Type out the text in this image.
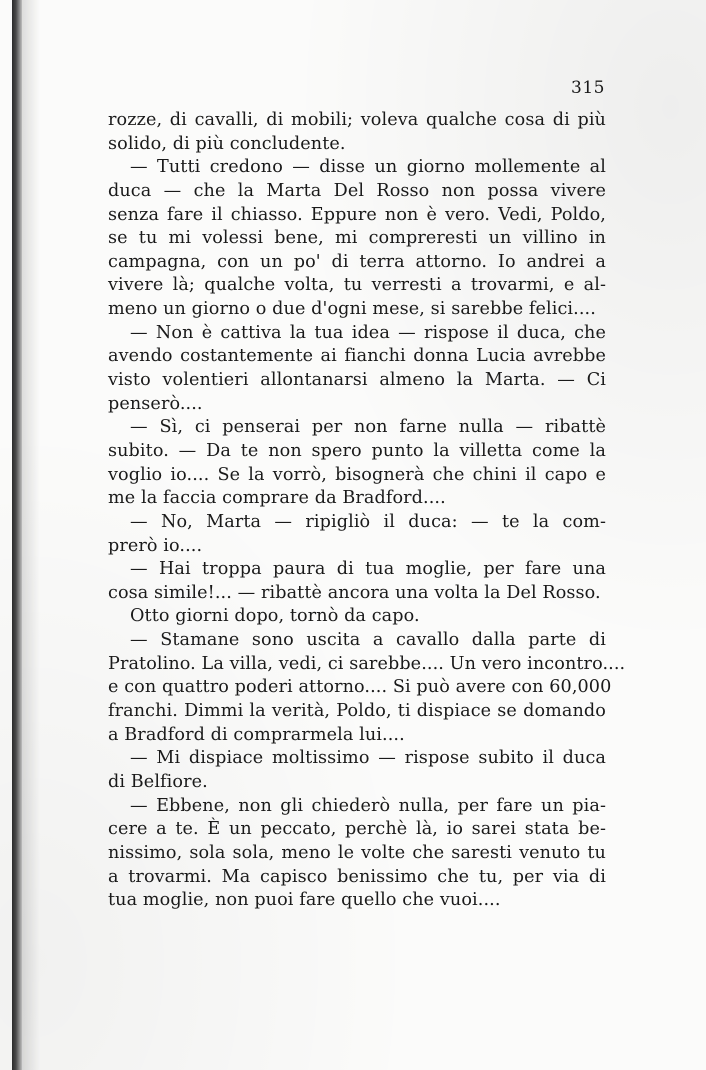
315
rozze, di cavalli, di mobili; voleva qualche cosa di più
solido, di più concludente.
— Tutti credono — disse un giorno mollemente al
duca — che la Marta Del Rosso non possa vivere
senza fare il chiasso. Eppure non è vero. Vedi, Poldo,
se tu mi volessi bene, mi compreresti un villino in
campagna, con un po' di terra attorno. Io andrei a
vivere là; qualche volta, tu verresti a trovarmi, e al-
meno un giorno o due d'ogni mese, si sarebbe felici....
— Non è cattiva la tua idea — rispose il duca, che
avendo costantemente ai fianchi donna Lucia avrebbe
visto volentieri allontanarsi almeno la Marta. — Ci
penserò....
— Sì, ci penserai per non farne nulla — ribattè
subito. — Da te non spero punto la villetta come la
voglio io.... Se la vorrò, bisognerà che chini il capo e
me la faccia comprare da Bradford....
— No, Marta — ripigliò il duca: — te la com-
prerò io....
— Hai troppa paura di tua moglie, per fare una
cosa simile!... — ribattè ancora una volta la Del Rosso.
Otto giorni dopo, tornò da capo.
— Stamane sono uscita a cavallo dalla parte di
Pratolino. La villa, vedi, ci sarebbe.... Un vero incontro....
e con quattro poderi attorno.... Si può avere con 60,000
franchi. Dimmi la verità, Poldo, ti dispiace se domando
a Bradford di comprarmela lui....
— Mi dispiace moltissimo — rispose subito il duca
di Belfiore.
— Ebbene, non gli chiederò nulla, per fare un pia-
cere a te. È un peccato, perchè là, io sarei stata be-
nissimo, sola sola, meno le volte che saresti venuto tu
a trovarmi. Ma capisco benissimo che tu, per via di
tua moglie, non puoi fare quello che vuoi....
